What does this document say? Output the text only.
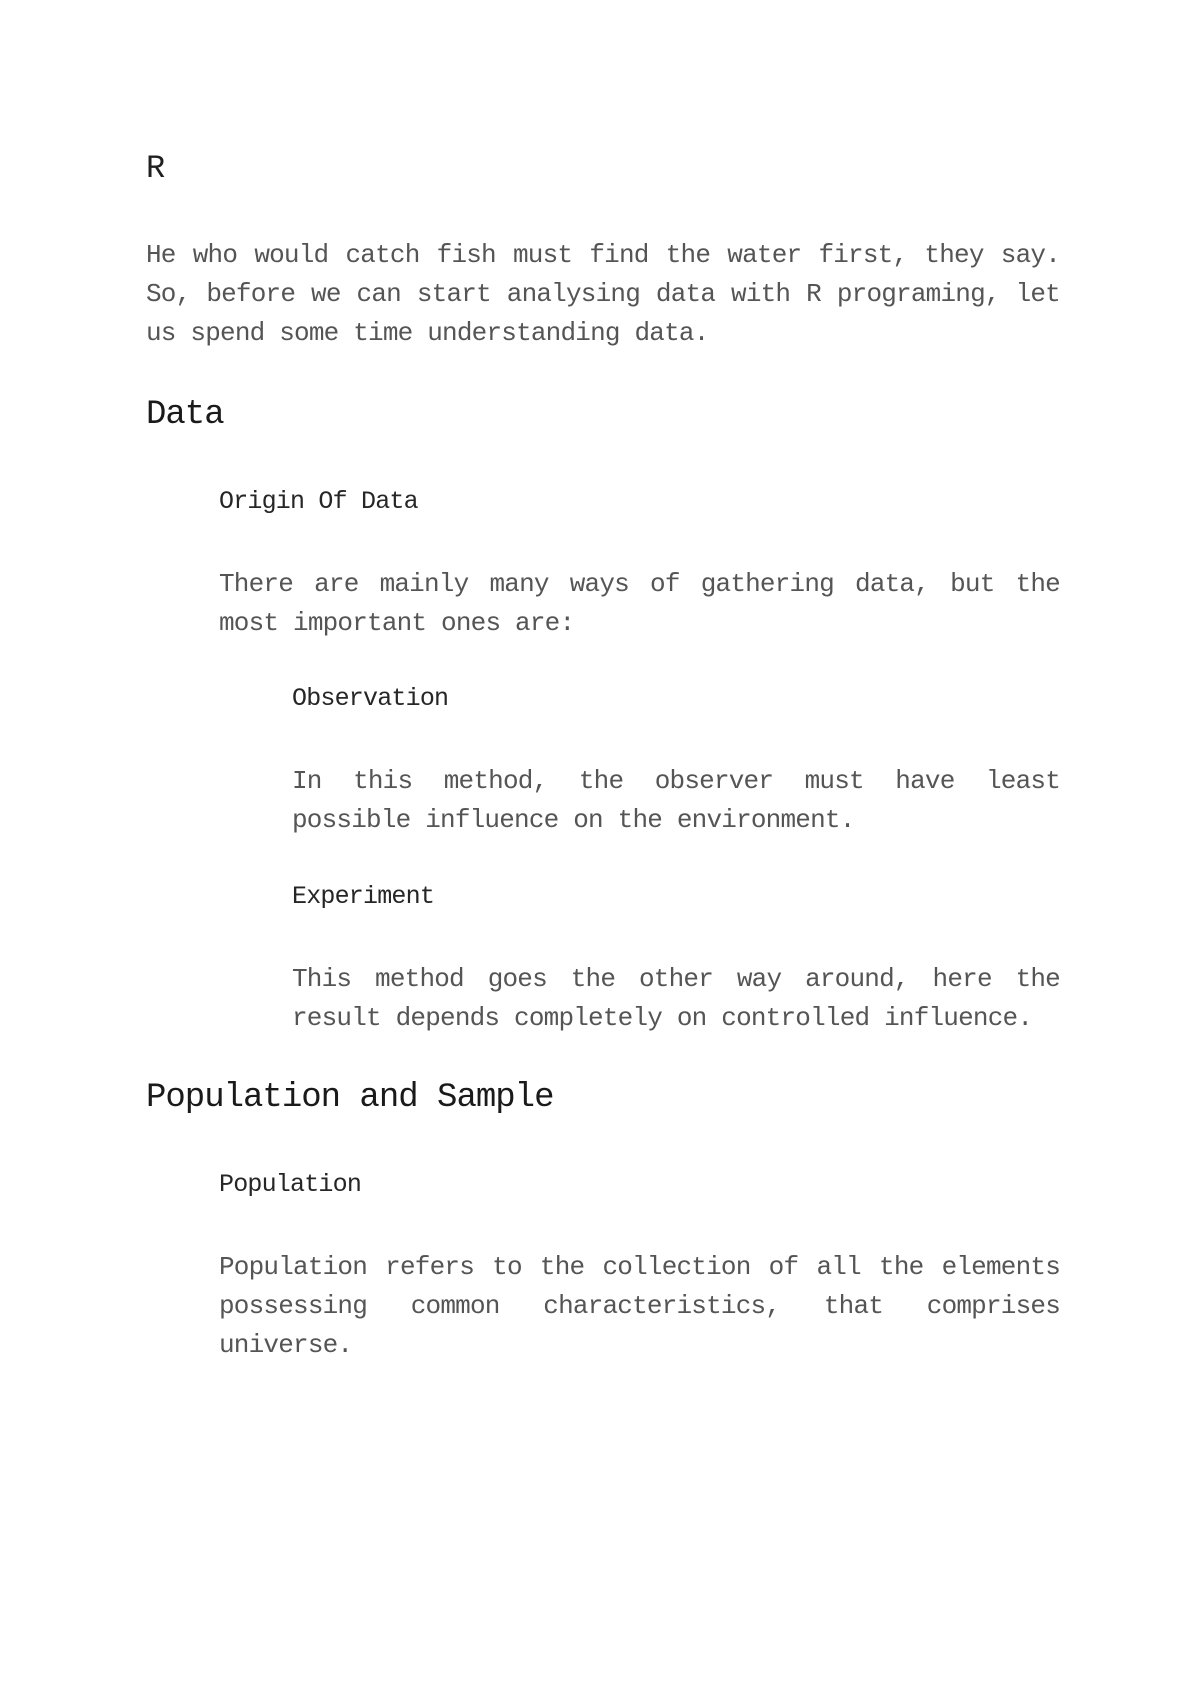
R

He who would catch fish must find the water first, they say. So, before we can start analysing data with R programing, let us spend some time understanding data.

Data
Origin Of Data

There are mainly many ways of gathering data, but the most important ones are:

Observation

In this method, the observer must have least possible influence on the environment.

Experiment

This method goes the other way around, here the result depends completely on controlled influence.

Population and Sample
Population

Population refers to the collection of all the elements possessing common characteristics, that comprises universe.
